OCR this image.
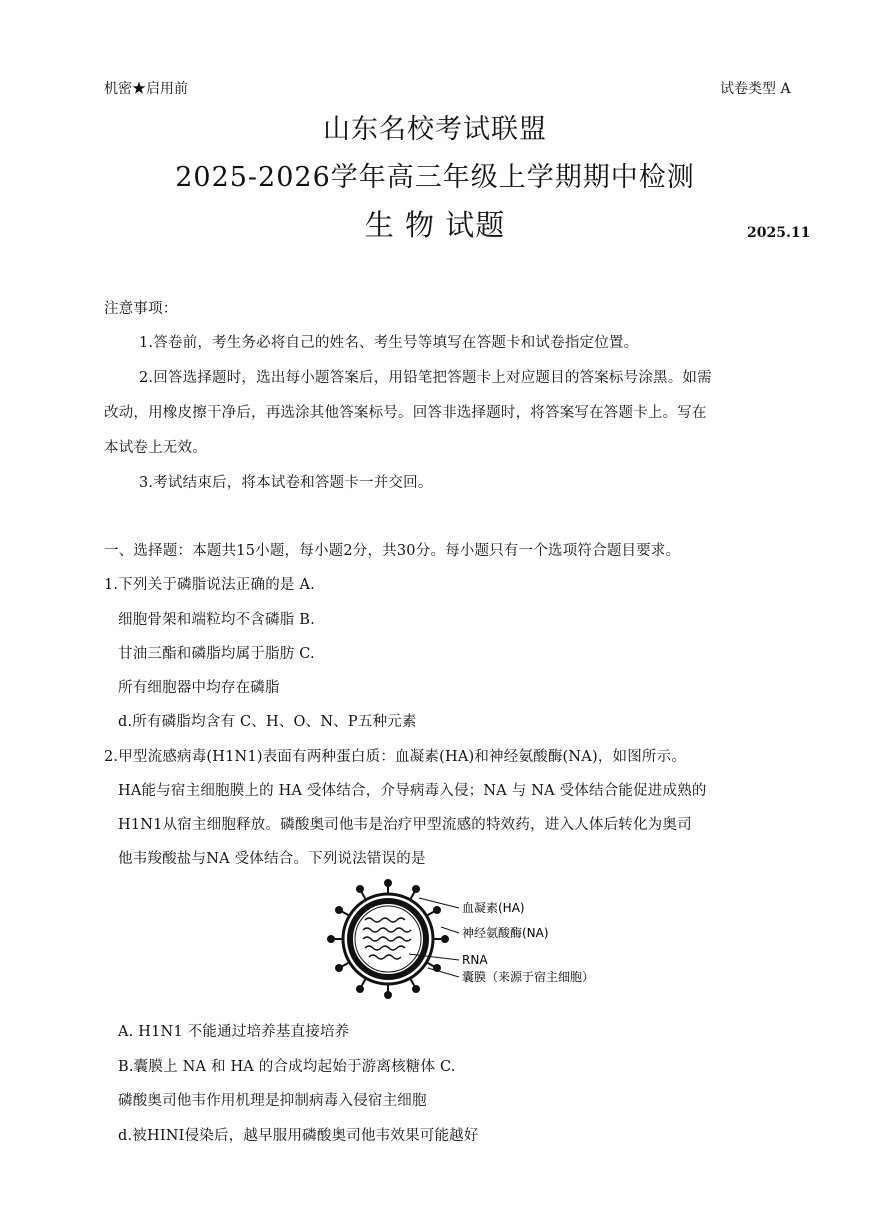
机密★启用前	试卷类型 A
山东名校考试联盟
2025-2026学年高三年级上学期期中检测
生 物 试题	2025.11
注意事项：
1.答卷前，考生务必将自己的姓名、考生号等填写在答题卡和试卷指定位置。
2.回答选择题时，选出每小题答案后，用铅笔把答题卡上对应题目的答案标号涂黑。如需
改动，用橡皮擦干净后，再选涂其他答案标号。回答非选择题时，将答案写在答题卡上。写在
本试卷上无效。
3.考试结束后，将本试卷和答题卡一并交回。
一、选择题：本题共15小题，每小题2分，共30分。每小题只有一个选项符合题目要求。
1.下列关于磷脂说法正确的是 A.
细胞骨架和端粒均不含磷脂 B.
甘油三酯和磷脂均属于脂肪 C.
所有细胞器中均存在磷脂
d.所有磷脂均含有 C、H、O、N、P五种元素
2.甲型流感病毒(H1N1)表面有两种蛋白质：血凝素(HA)和神经氨酸酶(NA)，如图所示。
HA能与宿主细胞膜上的 HA 受体结合，介导病毒入侵；NA 与 NA 受体结合能促进成熟的
H1N1从宿主细胞释放。磷酸奥司他韦是治疗甲型流感的特效药，进入人体后转化为奥司
他韦羧酸盐与NA 受体结合。下列说法错误的是
血凝素(HA)
神经氨酸酶(NA)
RNA
囊膜（来源于宿主细胞）
A. H1N1 不能通过培养基直接培养
B.囊膜上 NA 和 HA 的合成均起始于游离核糖体 C.
磷酸奥司他韦作用机理是抑制病毒入侵宿主细胞
d.被HINI侵染后，越早服用磷酸奥司他韦效果可能越好
